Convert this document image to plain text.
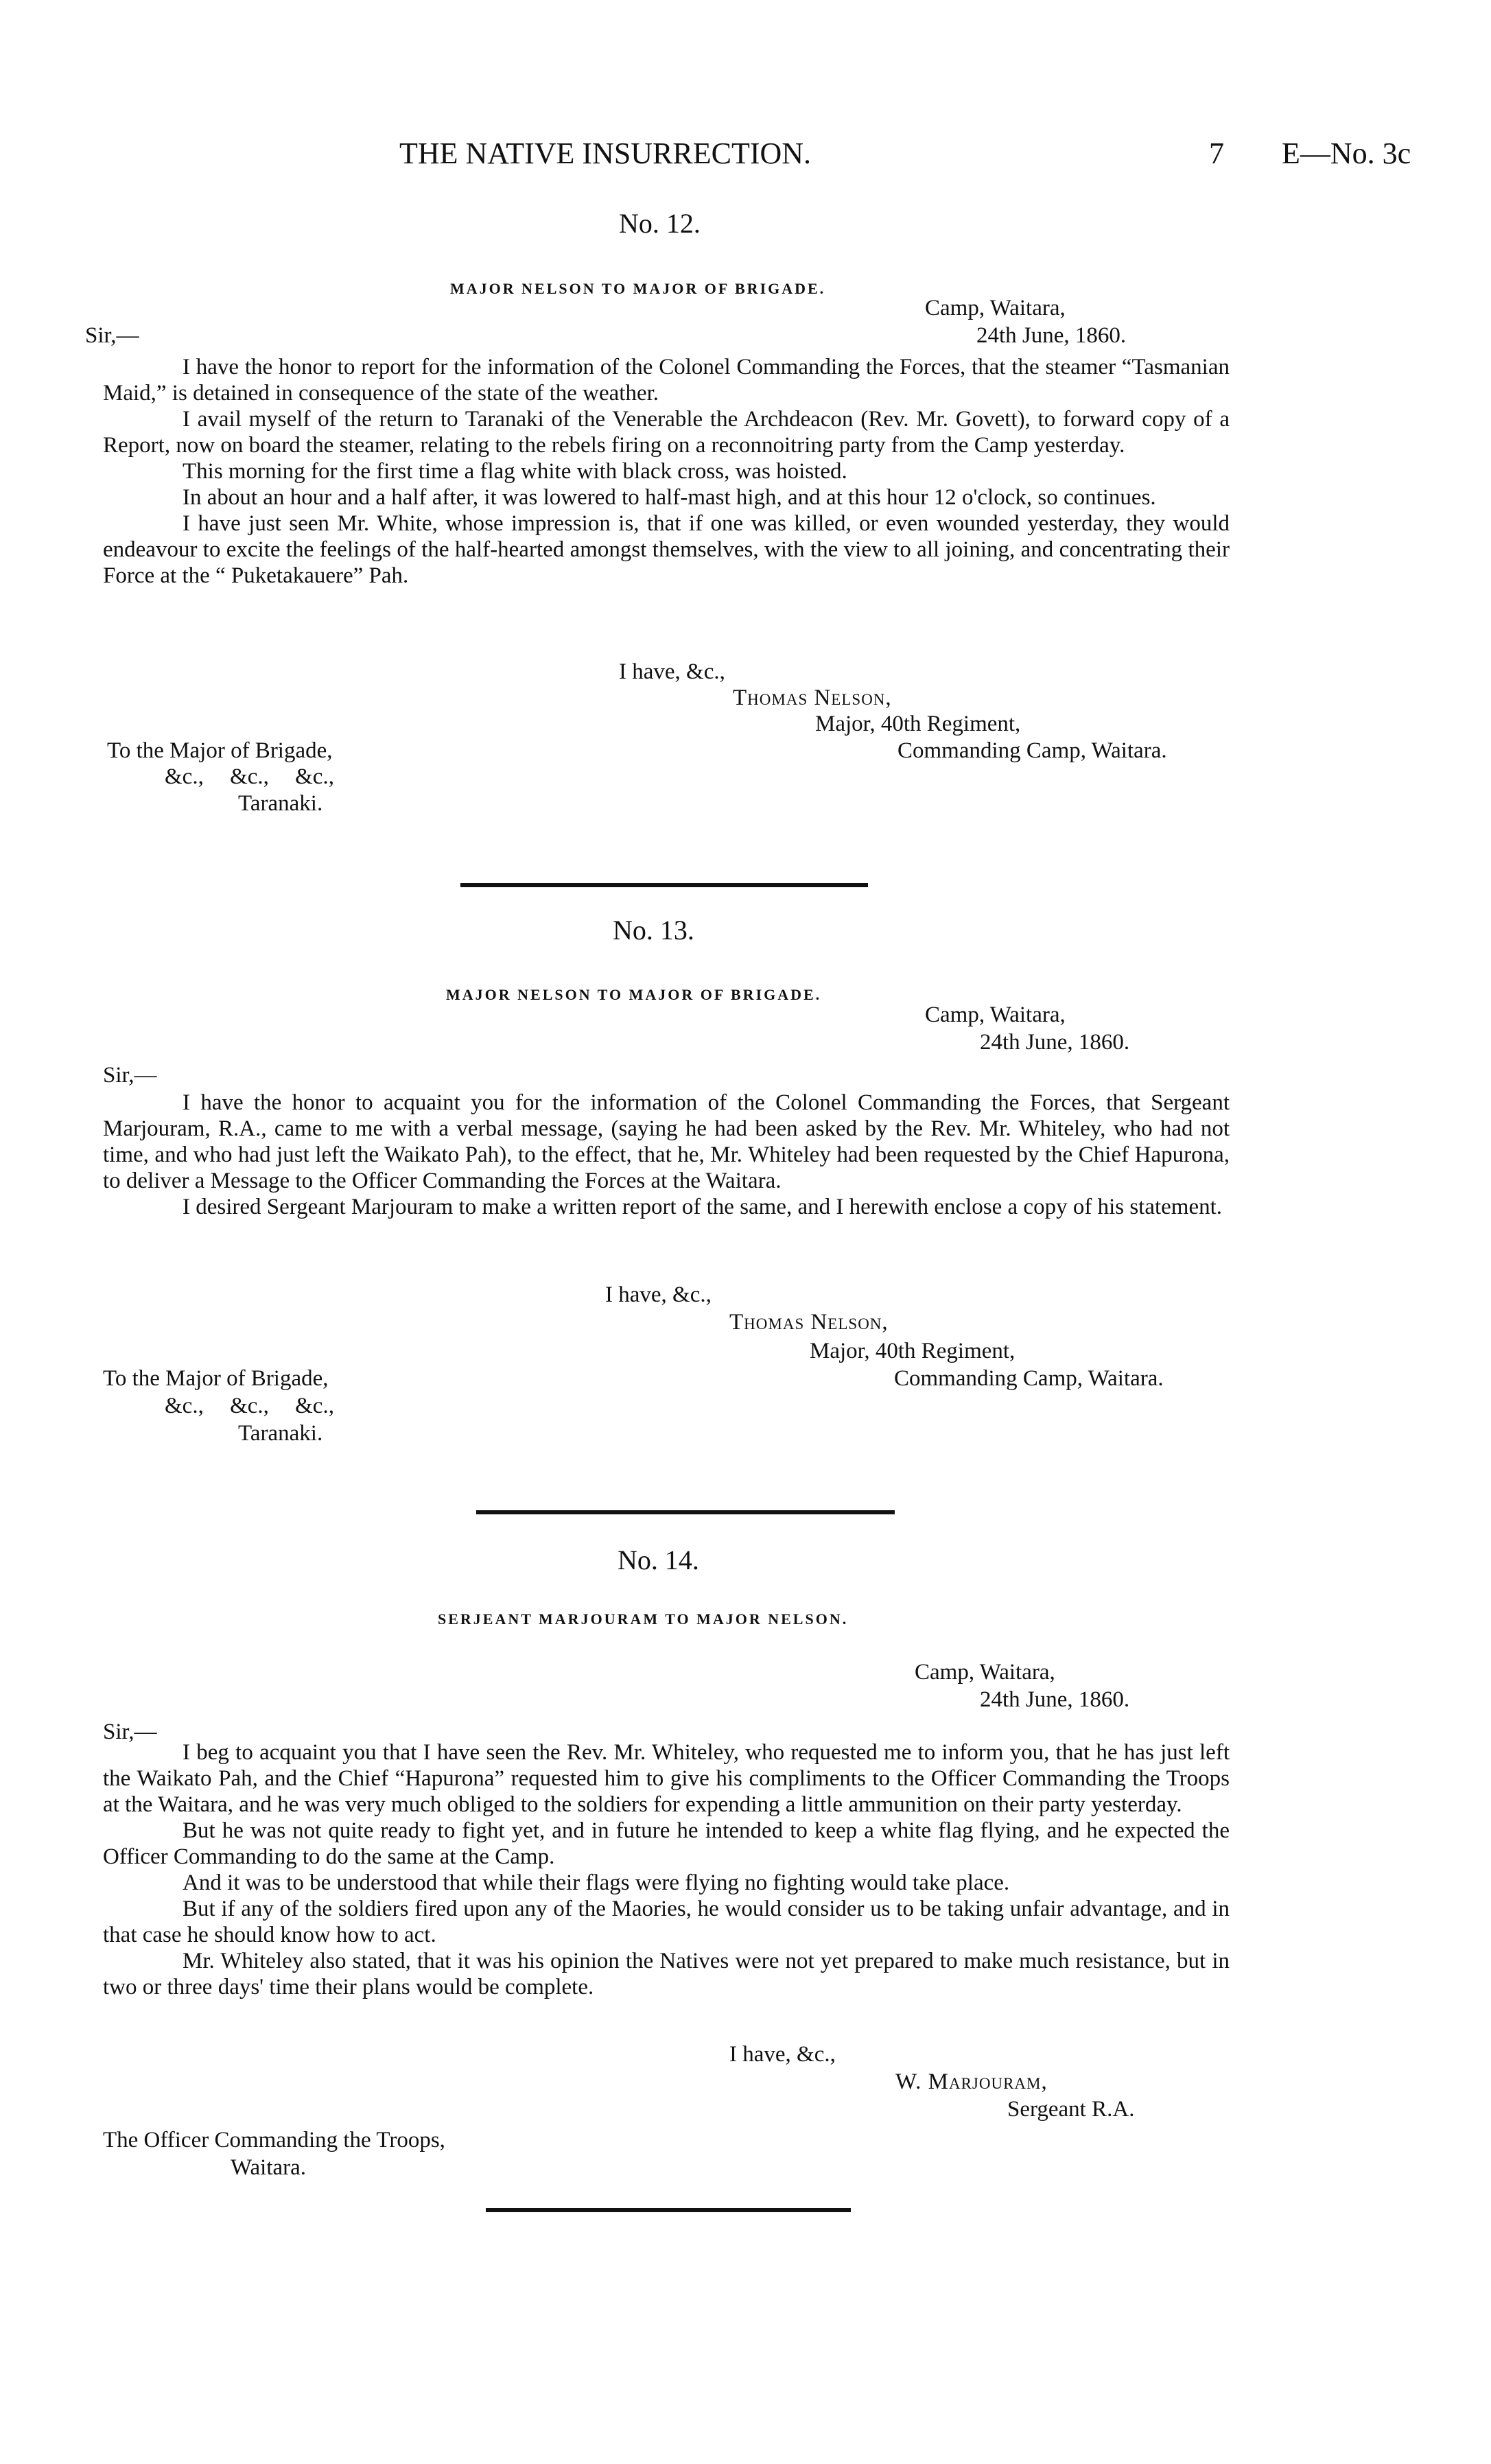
THE NATIVE INSURRECTION.	7 E—No. 3c
No. 12.
MAJOR NELSON TO MAJOR OF BRIGADE.
Camp, Waitara,
Sir,—	24th June, 1860.

I have the honor to report for the information of the Colonel Commanding the Forces, that the steamer “Tasmanian Maid,” is detained in consequence of the state of the weather.

I avail myself of the return to Taranaki of the Venerable the Archdeacon (Rev. Mr. Govett), to forward copy of a Report, now on board the steamer, relating to the rebels firing on a reconnoitring party from the Camp yesterday.

This morning for the first time a flag white with black cross, was hoisted.

In about an hour and a half after, it was lowered to half-mast high, and at this hour 12 o'clock, so continues.

I have just seen Mr. White, whose impression is, that if one was killed, or even wounded yesterday, they would endeavour to excite the feelings of the half-hearted amongst themselves, with the view to all joining, and concentrating their Force at the “ Puketakauere” Pah.

I have, &c.,
Thomas Nelson,
Major, 40th Regiment,
To the Major of Brigade,	Commanding Camp, Waitara.
&c., &c., &c.,
Taranaki.
No. 13.
MAJOR NELSON TO MAJOR OF BRIGADE.
Camp, Waitara,
24th June, 1860.
Sir,—

I have the honor to acquaint you for the information of the Colonel Commanding the Forces, that Sergeant Marjouram, R.A., came to me with a verbal message, (saying he had been asked by the Rev. Mr. Whiteley, who had not time, and who had just left the Waikato Pah), to the effect, that he, Mr. Whiteley had been requested by the Chief Hapurona, to deliver a Message to the Officer Commanding the Forces at the Waitara.

I desired Sergeant Marjouram to make a written report of the same, and I herewith enclose a copy of his statement.

I have, &c.,
Thomas Nelson,
Major, 40th Regiment,
To the Major of Brigade,	Commanding Camp, Waitara.
&c., &c., &c.,
Taranaki.
No. 14.
SERJEANT MARJOURAM TO MAJOR NELSON.
Camp, Waitara,
24th June, 1860.
Sir,—

I beg to acquaint you that I have seen the Rev. Mr. Whiteley, who requested me to inform you, that he has just left the Waikato Pah, and the Chief “Hapurona” requested him to give his compliments to the Officer Commanding the Troops at the Waitara, and he was very much obliged to the soldiers for expending a little ammunition on their party yesterday.

But he was not quite ready to fight yet, and in future he intended to keep a white flag flying, and he expected the Officer Commanding to do the same at the Camp.

And it was to be understood that while their flags were flying no fighting would take place.

But if any of the soldiers fired upon any of the Maories, he would consider us to be taking unfair advantage, and in that case he should know how to act.

Mr. Whiteley also stated, that it was his opinion the Natives were not yet prepared to make much resistance, but in two or three days' time their plans would be complete.

I have, &c.,
W. Marjouram,
Sergeant R.A.
The Officer Commanding the Troops,
Waitara.
